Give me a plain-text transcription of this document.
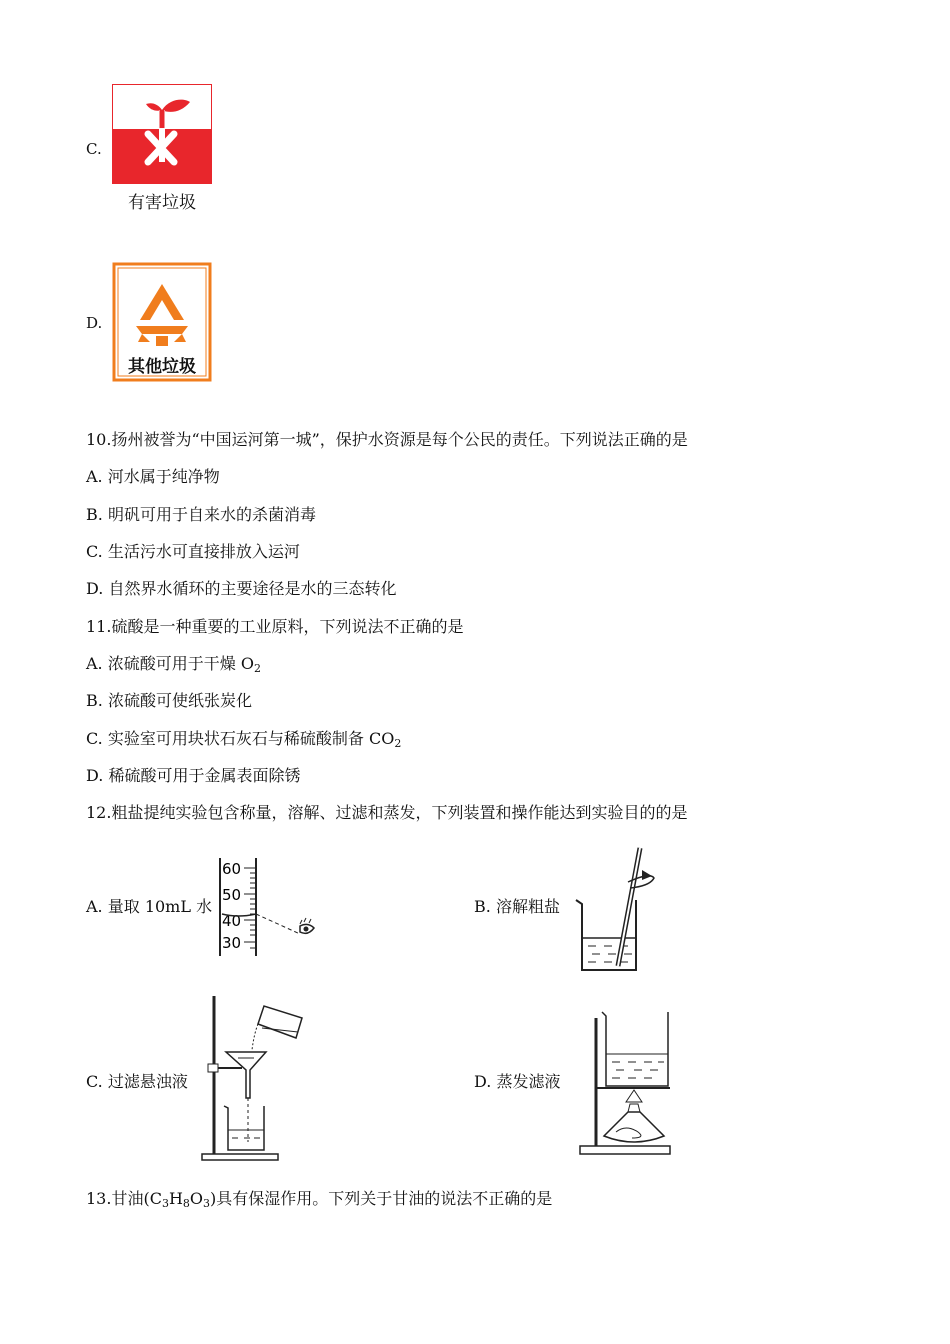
C.
有害垃圾
D.
其他垃圾
10.扬州被誉为“中国运河第一城”，保护水资源是每个公民的责任。下列说法正确的是
A. 河水属于纯净物
B. 明矾可用于自来水的杀菌消毒
C. 生活污水可直接排放入运河
D. 自然界水循环的主要途径是水的三态转化
11.硫酸是一种重要的工业原料，下列说法不正确的是
A. 浓硫酸可用于干燥 $O_2$
B. 浓硫酸可使纸张炭化
C. 实验室可用块状石灰石与稀硫酸制备 $CO_2$
D. 稀硫酸可用于金属表面除锈
12.粗盐提纯实验包含称量，溶解、过滤和蒸发，下列装置和操作能达到实验目的的是
A. 量取 10mL 水
60
50
40
30
B. 溶解粗盐
C. 过滤悬浊液	D. 蒸发滤液
13.甘油$(C_3H_8O_3)$具有保湿作用。下列关于甘油的说法不正确的是
